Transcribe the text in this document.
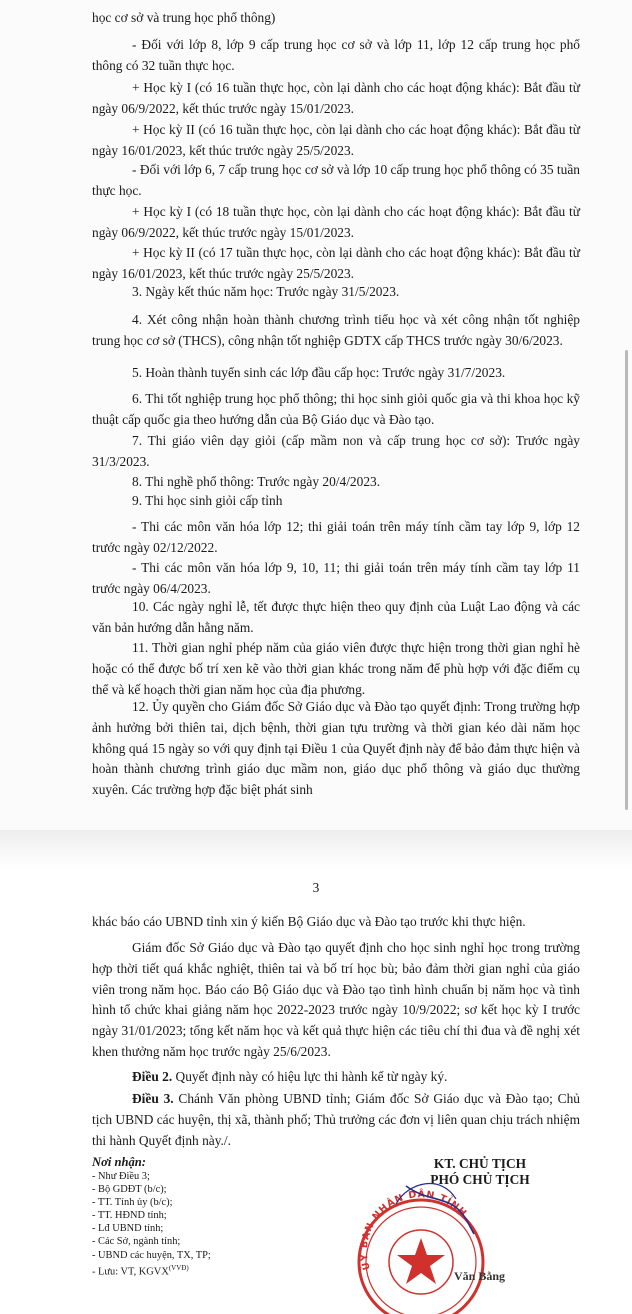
học cơ sở và trung học phổ thông)

- Đối với lớp 8, lớp 9 cấp trung học cơ sở và lớp 11, lớp 12 cấp trung học phổ thông có 32 tuần thực học.

+ Học kỳ I (có 16 tuần thực học, còn lại dành cho các hoạt động khác): Bắt đầu từ ngày 06/9/2022, kết thúc trước ngày 15/01/2023.

+ Học kỳ II (có 16 tuần thực học, còn lại dành cho các hoạt động khác): Bắt đầu từ ngày 16/01/2023, kết thúc trước ngày 25/5/2023.

- Đối với lớp 6, 7 cấp trung học cơ sở và lớp 10 cấp trung học phổ thông có 35 tuần thực học.

+ Học kỳ I (có 18 tuần thực học, còn lại dành cho các hoạt động khác): Bắt đầu từ ngày 06/9/2022, kết thúc trước ngày 15/01/2023.

+ Học kỳ II (có 17 tuần thực học, còn lại dành cho các hoạt động khác): Bắt đầu từ ngày 16/01/2023, kết thúc trước ngày 25/5/2023.

3. Ngày kết thúc năm học: Trước ngày 31/5/2023.

4. Xét công nhận hoàn thành chương trình tiểu học và xét công nhận tốt nghiệp trung học cơ sở (THCS), công nhận tốt nghiệp GDTX cấp THCS trước ngày 30/6/2023.

5. Hoàn thành tuyển sinh các lớp đầu cấp học: Trước ngày 31/7/2023.

6. Thi tốt nghiệp trung học phổ thông; thi học sinh giỏi quốc gia và thi khoa học kỹ thuật cấp quốc gia theo hướng dẫn của Bộ Giáo dục và Đào tạo.

7. Thi giáo viên dạy giỏi (cấp mầm non và cấp trung học cơ sở): Trước ngày 31/3/2023.

8. Thi nghề phổ thông: Trước ngày 20/4/2023.

9. Thi học sinh giỏi cấp tỉnh

- Thi các môn văn hóa lớp 12; thi giải toán trên máy tính cầm tay lớp 9, lớp 12 trước ngày 02/12/2022.

- Thi các môn văn hóa lớp 9, 10, 11; thi giải toán trên máy tính cầm tay lớp 11 trước ngày 06/4/2023.

10. Các ngày nghỉ lễ, tết được thực hiện theo quy định của Luật Lao động và các văn bản hướng dẫn hằng năm.

11. Thời gian nghỉ phép năm của giáo viên được thực hiện trong thời gian nghỉ hè hoặc có thể được bố trí xen kẽ vào thời gian khác trong năm để phù hợp với đặc điểm cụ thể và kế hoạch thời gian năm học của địa phương.

12. Ủy quyền cho Giám đốc Sở Giáo dục và Đào tạo quyết định: Trong trường hợp ảnh hưởng bởi thiên tai, dịch bệnh, thời gian tựu trường và thời gian kéo dài năm học không quá 15 ngày so với quy định tại Điều 1 của Quyết định này để bảo đảm thực hiện và hoàn thành chương trình giáo dục mầm non, giáo dục phổ thông và giáo dục thường xuyên. Các trường hợp đặc biệt phát sinh

3

khác báo cáo UBND tỉnh xin ý kiến Bộ Giáo dục và Đào tạo trước khi thực hiện.

Giám đốc Sở Giáo dục và Đào tạo quyết định cho học sinh nghỉ học trong trường hợp thời tiết quá khắc nghiệt, thiên tai và bố trí học bù; bảo đảm thời gian nghỉ của giáo viên trong năm học. Báo cáo Bộ Giáo dục và Đào tạo tình hình chuẩn bị năm học và tình hình tổ chức khai giảng năm học 2022-2023 trước ngày 10/9/2022; sơ kết học kỳ I trước ngày 31/01/2023; tổng kết năm học và kết quả thực hiện các tiêu chí thi đua và đề nghị xét khen thưởng năm học trước ngày 25/6/2023.

Điều 2. Quyết định này có hiệu lực thi hành kể từ ngày ký.

Điều 3. Chánh Văn phòng UBND tỉnh; Giám đốc Sở Giáo dục và Đào tạo; Chủ tịch UBND các huyện, thị xã, thành phố; Thủ trưởng các đơn vị liên quan chịu trách nhiệm thi hành Quyết định này./.

Nơi nhận:
- Như Điều 3;
- Bộ GDĐT (b/c);
- TT. Tỉnh ủy (b/c);
- TT. HĐND tỉnh;
- Lđ UBND tỉnh;
- Các Sở, ngành tỉnh;
- UBND các huyện, TX, TP;
- Lưu: VT, $KGVX^{(VVĐ)}$
KT. CHỦ TỊCH
PHÓ CHỦ TỊCH
ỦY BAN NHÂN DÂN TỈNH
Văn Bằng
